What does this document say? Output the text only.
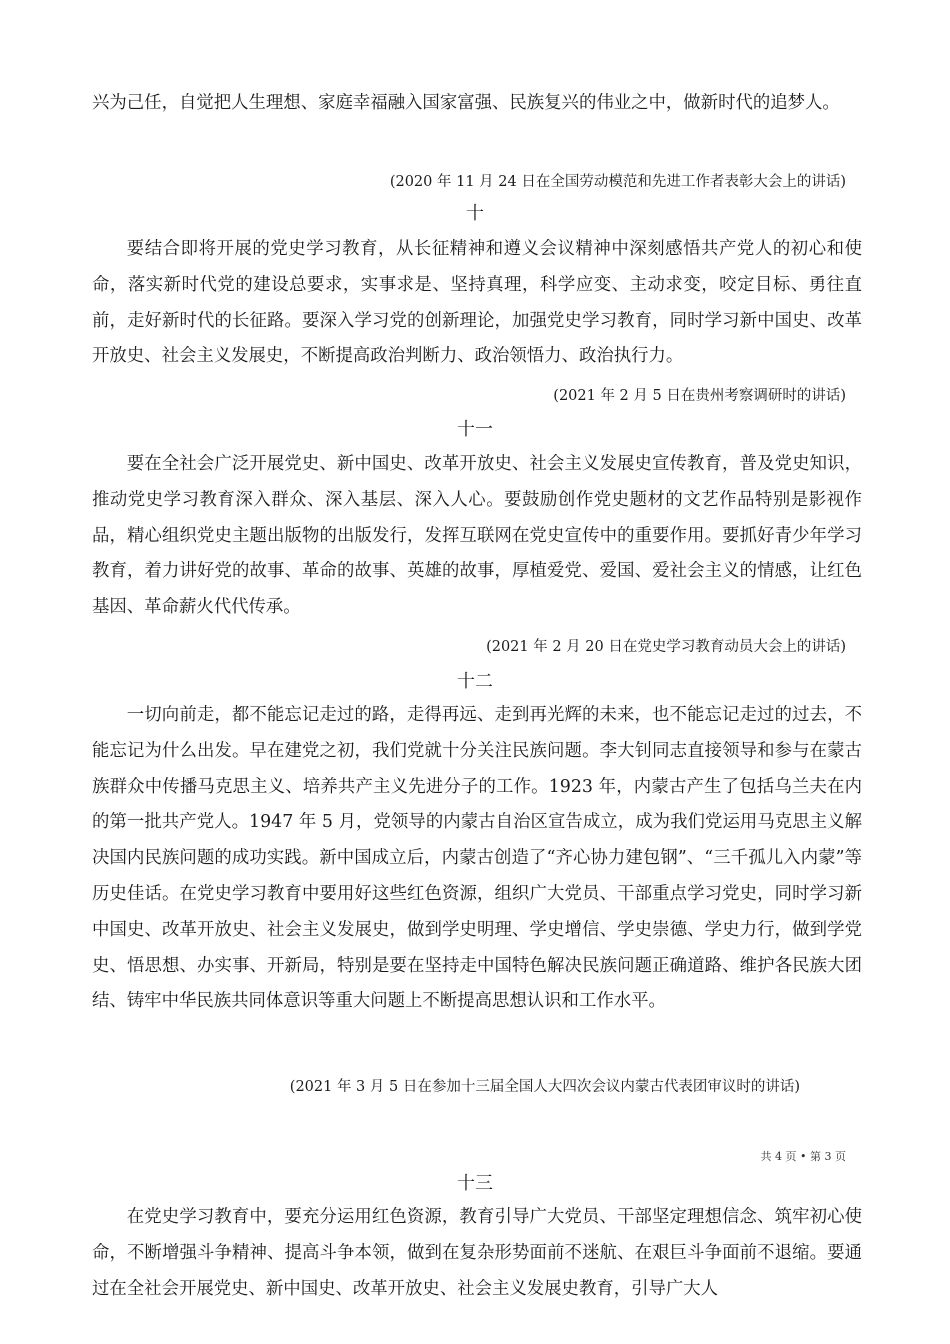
兴为己任，自觉把人生理想、家庭幸福融入国家富强、民族复兴的伟业之中，做新时代的追梦人。

(2020 年 11 月 24 日在全国劳动模范和先进工作者表彰大会上的讲话)

十

要结合即将开展的党史学习教育，从长征精神和遵义会议精神中深刻感悟共产党人的初心和使命，落实新时代党的建设总要求，实事求是、坚持真理，科学应变、主动求变，咬定目标、勇往直前，走好新时代的长征路。要深入学习党的创新理论，加强党史学习教育，同时学习新中国史、改革开放史、社会主义发展史，不断提高政治判断力、政治领悟力、政治执行力。

(2021 年 2 月 5 日在贵州考察调研时的讲话)

十一

要在全社会广泛开展党史、新中国史、改革开放史、社会主义发展史宣传教育，普及党史知识，推动党史学习教育深入群众、深入基层、深入人心。要鼓励创作党史题材的文艺作品特别是影视作品，精心组织党史主题出版物的出版发行，发挥互联网在党史宣传中的重要作用。要抓好青少年学习教育，着力讲好党的故事、革命的故事、英雄的故事，厚植爱党、爱国、爱社会主义的情感，让红色基因、革命薪火代代传承。

(2021 年 2 月 20 日在党史学习教育动员大会上的讲话)

十二

一切向前走，都不能忘记走过的路，走得再远、走到再光辉的未来，也不能忘记走过的过去，不能忘记为什么出发。早在建党之初，我们党就十分关注民族问题。李大钊同志直接领导和参与在蒙古族群众中传播马克思主义、培养共产主义先进分子的工作。1923 年，内蒙古产生了包括乌兰夫在内的第一批共产党人。1947 年 5 月，党领导的内蒙古自治区宣告成立，成为我们党运用马克思主义解决国内民族问题的成功实践。新中国成立后，内蒙古创造了“齐心协力建包钢”、“三千孤儿入内蒙”等历史佳话。在党史学习教育中要用好这些红色资源，组织广大党员、干部重点学习党史，同时学习新中国史、改革开放史、社会主义发展史，做到学史明理、学史增信、学史崇德、学史力行，做到学党史、悟思想、办实事、开新局，特别是要在坚持走中国特色解决民族问题正确道路、维护各民族大团结、铸牢中华民族共同体意识等重大问题上不断提高思想认识和工作水平。

(2021 年 3 月 5 日在参加十三届全国人大四次会议内蒙古代表团审议时的讲话)

共 4 页 • 第 3 页
十三

在党史学习教育中，要充分运用红色资源，教育引导广大党员、干部坚定理想信念、筑牢初心使命，不断增强斗争精神、提高斗争本领，做到在复杂形势面前不迷航、在艰巨斗争面前不退缩。要通过在全社会开展党史、新中国史、改革开放史、社会主义发展史教育，引导广大人
